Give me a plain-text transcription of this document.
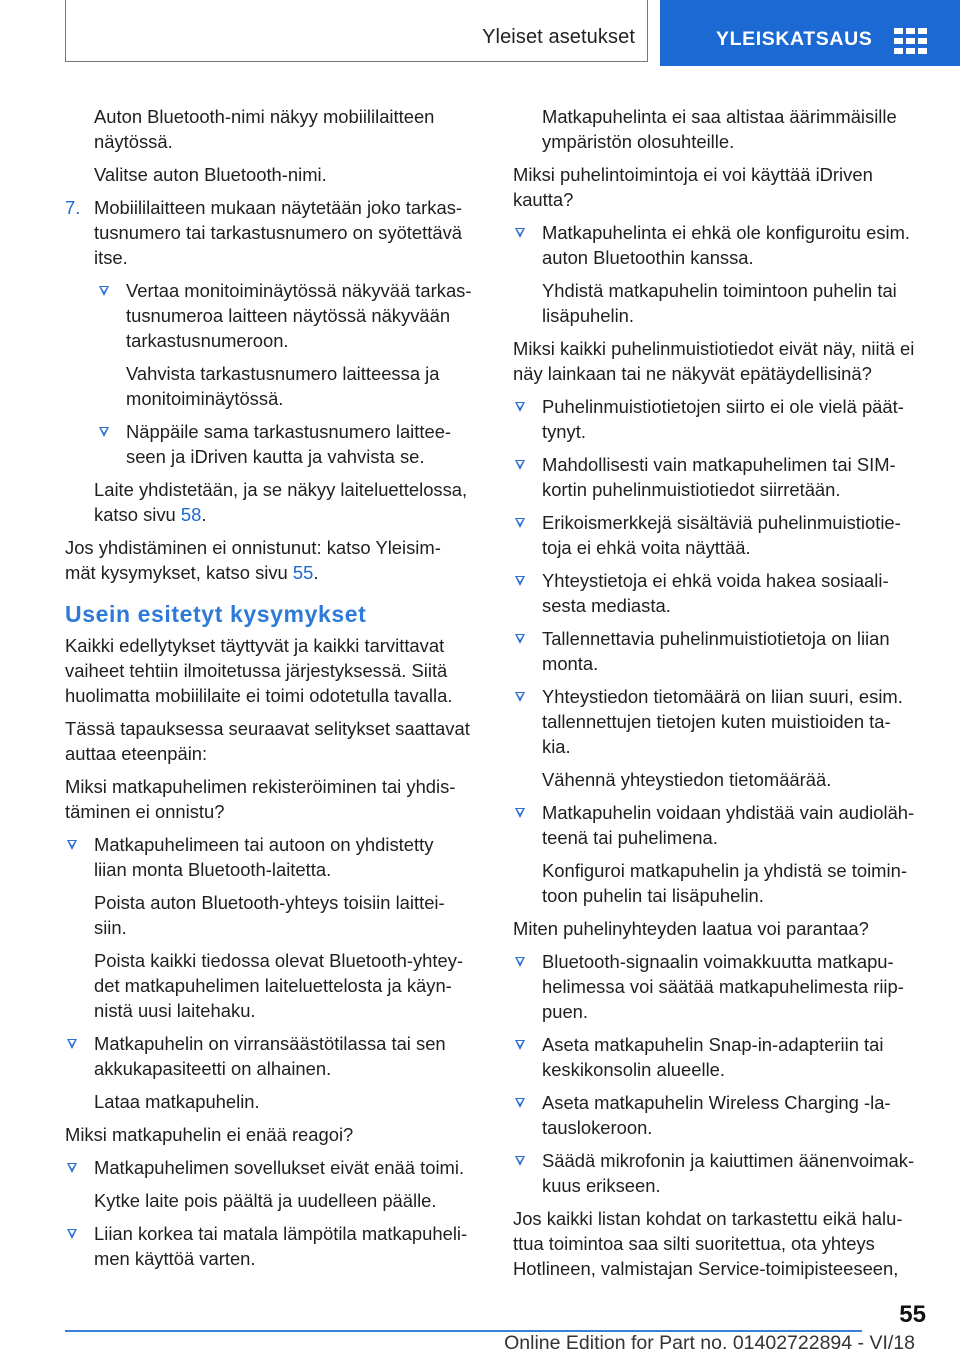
Yleiset asetukset	YLEISKATSAUS
Auton Bluetooth-nimi näkyy mobiililaitteen
näytössä.
Valitse auton Bluetooth-nimi.
7. Mobiililaitteen mukaan näytetään joko tarkas-
tusnumero tai tarkastusnumero on syötettävä
itse.
Vertaa monitoiminäytössä näkyvää tarkas-
tusnumeroa laitteen näytössä näkyvään
tarkastusnumeroon.
Vahvista tarkastusnumero laitteessa ja
monitoiminäytössä.
Näppäile sama tarkastusnumero laittee-
seen ja iDriven kautta ja vahvista se.
Laite yhdistetään, ja se näkyy laiteluettelossa,
katso sivu 58.
Jos yhdistäminen ei onnistunut: katso Yleisim-
mät kysymykset, katso sivu 55.
Usein esitetyt kysymykset
Kaikki edellytykset täyttyvät ja kaikki tarvittavat
vaiheet tehtiin ilmoitetussa järjestyksessä. Siitä
huolimatta mobiililaite ei toimi odotetulla tavalla.
Tässä tapauksessa seuraavat selitykset saattavat
auttaa eteenpäin:
Miksi matkapuhelimen rekisteröiminen tai yhdis-
täminen ei onnistu?
Matkapuhelimeen tai autoon on yhdistetty
liian monta Bluetooth-laitetta.
Poista auton Bluetooth-yhteys toisiin laittei-
siin.
Poista kaikki tiedossa olevat Bluetooth-yhtey-
det matkapuhelimen laiteluettelosta ja käyn-
nistä uusi laitehaku.
Matkapuhelin on virransäästötilassa tai sen
akkukapasiteetti on alhainen.
Lataa matkapuhelin.
Miksi matkapuhelin ei enää reagoi?
Matkapuhelimen sovellukset eivät enää toimi.
Kytke laite pois päältä ja uudelleen päälle.
Liian korkea tai matala lämpötila matkapuheli-
men käyttöä varten.
Matkapuhelinta ei saa altistaa äärimmäisille
ympäristön olosuhteille.
Miksi puhelintoimintoja ei voi käyttää iDriven
kautta?
Matkapuhelinta ei ehkä ole konfiguroitu esim.
auton Bluetoothin kanssa.
Yhdistä matkapuhelin toimintoon puhelin tai
lisäpuhelin.
Miksi kaikki puhelinmuistiotiedot eivät näy, niitä ei
näy lainkaan tai ne näkyvät epätäydellisinä?
Puhelinmuistiotietojen siirto ei ole vielä päät-
tynyt.
Mahdollisesti vain matkapuhelimen tai SIM-
kortin puhelinmuistiotiedot siirretään.
Erikoismerkkejä sisältäviä puhelinmuistiotie-
toja ei ehkä voita näyttää.
Yhteystietoja ei ehkä voida hakea sosiaali-
sesta mediasta.
Tallennettavia puhelinmuistiotietoja on liian
monta.
Yhteystiedon tietomäärä on liian suuri, esim.
tallennettujen tietojen kuten muistioiden ta-
kia.
Vähennä yhteystiedon tietomäärää.
Matkapuhelin voidaan yhdistää vain audioläh-
teenä tai puhelimena.
Konfiguroi matkapuhelin ja yhdistä se toimin-
toon puhelin tai lisäpuhelin.
Miten puhelinyhteyden laatua voi parantaa?
Bluetooth-signaalin voimakkuutta matkapu-
helimessa voi säätää matkapuhelimesta riip-
puen.
Aseta matkapuhelin Snap-in-adapteriin tai
keskikonsolin alueelle.
Aseta matkapuhelin Wireless Charging -la-
tauslokeroon.
Säädä mikrofonin ja kaiuttimen äänenvoimak-
kuus erikseen.
Jos kaikki listan kohdat on tarkastettu eikä halu-
ttua toimintoa saa silti suoritettua, ota yhteys
Hotlineen, valmistajan Service-toimipisteeseen,
55
Online Edition for Part no. 01402722894 - VI/18
